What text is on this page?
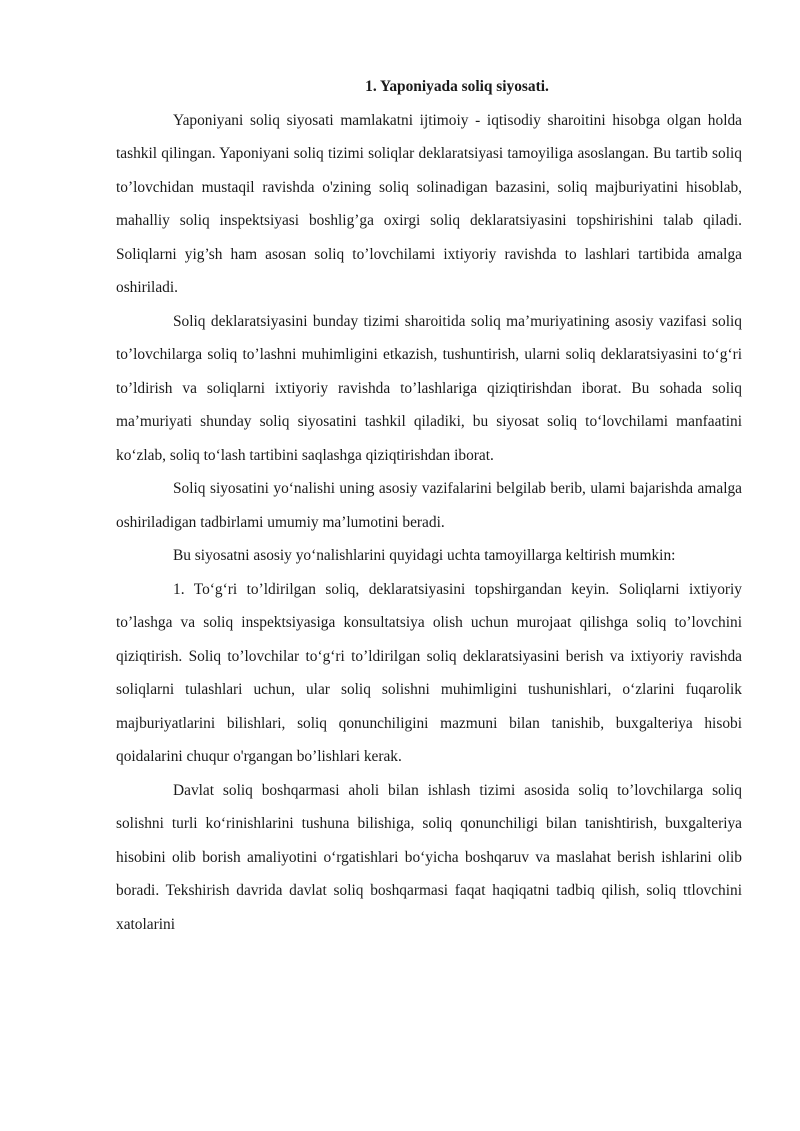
1. Yaponiyada soliq siyosati.

Yaponiyani soliq siyosati mamlakatni ijtimoiy - iqtisodiy sharoitini hisobga olgan holda tashkil qilingan. Yaponiyani soliq tizimi soliqlar deklaratsiyasi tamoyiliga asoslangan. Bu tartib soliq to’lovchidan mustaqil ravishda o'zining soliq solinadigan bazasini, soliq majburiyatini hisoblab, mahalliy soliq inspektsiyasi boshlig’ga oxirgi soliq deklaratsiyasini topshirishini talab qiladi. Soliqlarni yig’sh ham asosan soliq to’lovchilami ixtiyoriy ravishda to lashlari tartibida amalga oshiriladi.

Soliq deklaratsiyasini bunday tizimi sharoitida soliq ma’muriyatining asosiy vazifasi soliq to’lovchilarga soliq to’lashni muhimligini etkazish, tushuntirish, ularni soliq deklaratsiyasini to‘g‘ri to’ldirish va soliqlarni ixtiyoriy ravishda to’lashlariga qiziqtirishdan iborat. Bu sohada soliq ma’muriyati shunday soliq siyosatini tashkil qiladiki, bu siyosat soliq to‘lovchilami manfaatini ko‘zlab, soliq to‘lash tartibini saqlashga qiziqtirishdan iborat.

Soliq siyosatini yo‘nalishi uning asosiy vazifalarini belgilab berib, ulami bajarishda amalga oshiriladigan tadbirlami umumiy ma’lumotini beradi.

Bu siyosatni asosiy yo‘nalishlarini quyidagi uchta tamoyillarga keltirish mumkin:

1. To‘g‘ri to’ldirilgan soliq, deklaratsiyasini topshirgandan keyin. Soliqlarni ixtiyoriy to’lashga va soliq inspektsiyasiga konsultatsiya olish uchun murojaat qilishga soliq to’lovchini qiziqtirish. Soliq to’lovchilar to‘g‘ri to’ldirilgan soliq deklaratsiyasini berish va ixtiyoriy ravishda soliqlarni tulashlari uchun, ular soliq solishni muhimligini tushunishlari, o‘zlarini fuqarolik majburiyatlarini bilishlari, soliq qonunchiligini mazmuni bilan tanishib, buxgalteriya hisobi qoidalarini chuqur o'rgangan bo’lishlari kerak.

Davlat soliq boshqarmasi aholi bilan ishlash tizimi asosida soliq to’lovchilarga soliq solishni turli ko‘rinishlarini tushuna bilishiga, soliq qonunchiligi bilan tanishtirish, buxgalteriya hisobini olib borish amaliyotini o‘rgatishlari bo‘yicha boshqaruv va maslahat berish ishlarini olib boradi. Tekshirish davrida davlat soliq boshqarmasi faqat haqiqatni tadbiq qilish, soliq ttlovchini xatolarini
